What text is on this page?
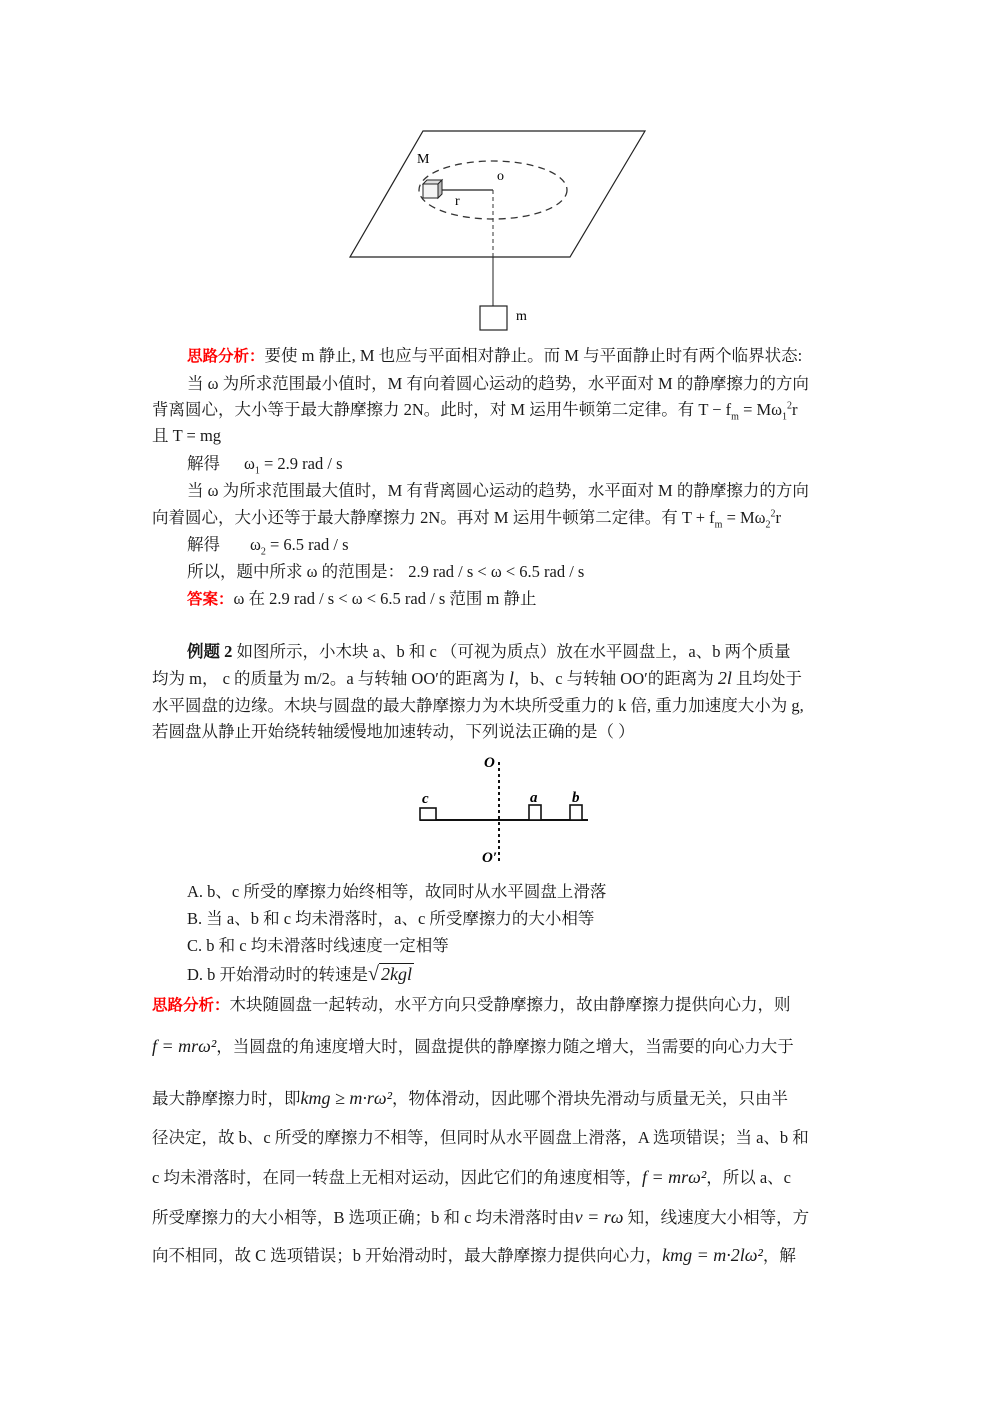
M
o
r
m
思路分析：要使 m 静止, M 也应与平面相对静止。而 M 与平面静止时有两个临界状态:
当 ω 为所求范围最小值时，M 有向着圆心运动的趋势，水平面对 M 的静摩擦力的方向
背离圆心，大小等于最大静摩擦力 2N。此时，对 M 运用牛顿第二定律。有 $T - f_m = M\omega_1^2r$
且 T = mg
解得 $\omega_1 = 2.9$ rad / s
当 ω 为所求范围最大值时，M 有背离圆心运动的趋势，水平面对 M 的静摩擦力的方向
向着圆心，大小还等于最大静摩擦力 2N。再对 M 运用牛顿第二定律。有 $T + f_m = M\omega_2^2r$
解得 $\omega_2 = 6.5$ rad / s
所以，题中所求 ω 的范围是： 2.9 rad / s < ω < 6.5 rad / s
答案：ω 在 2.9 rad / s < ω < 6.5 rad / s 范围 m 静止
例题 2 如图所示，小木块 a、b 和 c （可视为质点）放在水平圆盘上，a、b 两个质量
均为 m， c 的质量为 m/2。a 与转轴 OO′的距离为 l，b、c 与转轴 OO′的距离为 2l 且均处于
水平圆盘的边缘。木块与圆盘的最大静摩擦力为木块所受重力的 k 倍, 重力加速度大小为 g,
若圆盘从静止开始绕转轴缓慢地加速转动，下列说法正确的是（ ）
O
O′
c	a b
A. b、c 所受的摩擦力始终相等，故同时从水平圆盘上滑落
B. 当 a、b 和 c 均未滑落时，a、c 所受摩擦力的大小相等
C. b 和 c 均未滑落时线速度一定相等
D. b 开始滑动时的转速是√ 2kgl
思路分析：木块随圆盘一起转动，水平方向只受静摩擦力，故由静摩擦力提供向心力，则
f = mrω²，当圆盘的角速度增大时，圆盘提供的静摩擦力随之增大，当需要的向心力大于
最大静摩擦力时，即kmg ≥ m·rω²，物体滑动，因此哪个滑块先滑动与质量无关，只由半
径决定，故 b、c 所受的摩擦力不相等，但同时从水平圆盘上滑落，A 选项错误；当 a、b 和
c 均未滑落时，在同一转盘上无相对运动，因此它们的角速度相等，f = mrω²，所以 a、c
所受摩擦力的大小相等，B 选项正确；b 和 c 均未滑落时由v = rω 知，线速度大小相等，方
向不相同，故 C 选项错误；b 开始滑动时，最大静摩擦力提供向心力，kmg = m·2lω²，解
